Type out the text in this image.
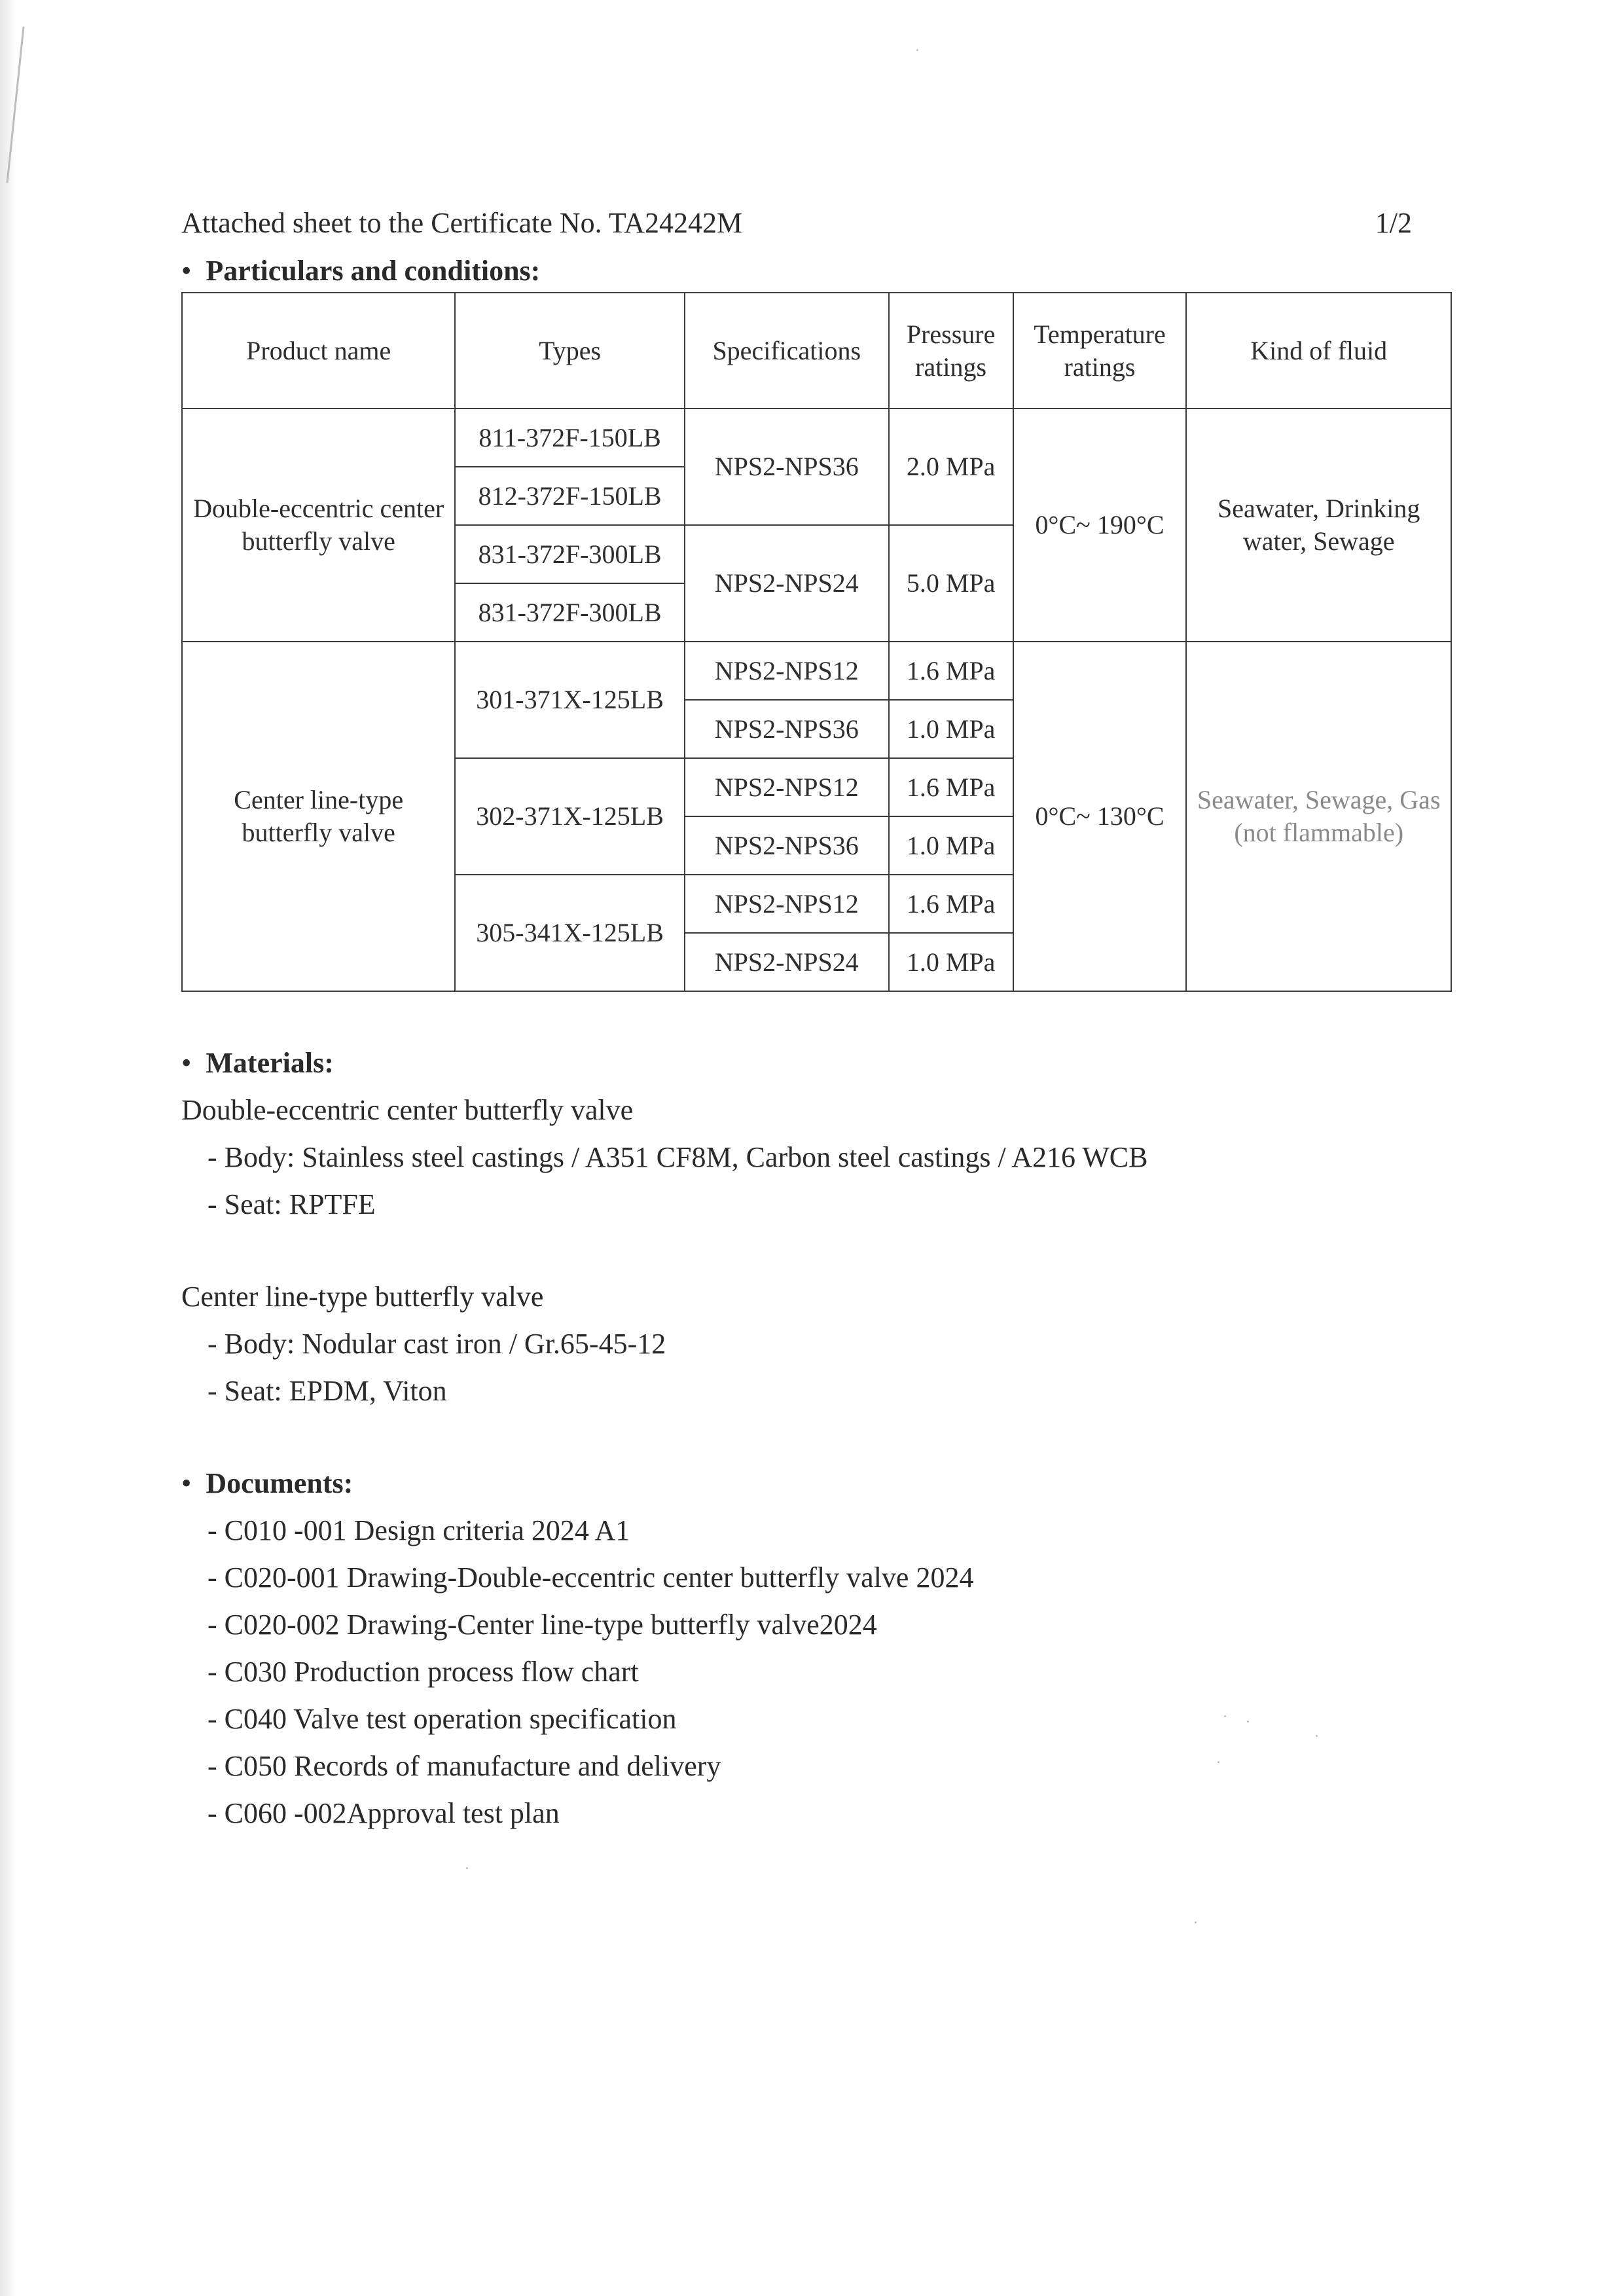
Attached sheet to the Certificate No. TA24242M	1/2
• Particulars and conditions:
Product name	Types	Specifications	Pressure ratings	Temperature ratings	Kind of fluid
Double-eccentric center butterfly valve	811-372F-150LB	NPS2-NPS36	2.0 MPa	0°C~ 190°C	Seawater, Drinking water, Sewage
	812-372F-150LB				
	831-372F-300LB	NPS2-NPS24	5.0 MPa		
	831-372F-300LB				
Center line-type butterfly valve	301-371X-125LB	NPS2-NPS12	1.6 MPa	0°C~ 130°C	Seawater, Sewage, Gas (not flammable)
		NPS2-NPS36	1.0 MPa		
	302-371X-125LB	NPS2-NPS12	1.6 MPa		
		NPS2-NPS36	1.0 MPa		
	305-341X-125LB	NPS2-NPS12	1.6 MPa		
		NPS2-NPS24	1.0 MPa		
• Materials:
Double-eccentric center butterfly valve
- Body: Stainless steel castings / A351 CF8M, Carbon steel castings / A216 WCB
- Seat: RPTFE
Center line-type butterfly valve
- Body: Nodular cast iron / Gr.65-45-12
- Seat: EPDM, Viton
• Documents:
- C010 -001 Design criteria 2024 A1
- C020-001 Drawing-Double-eccentric center butterfly valve 2024
- C020-002 Drawing-Center line-type butterfly valve2024
- C030 Production process flow chart
- C040 Valve test operation specification
- C050 Records of manufacture and delivery
- C060 -002Approval test plan
